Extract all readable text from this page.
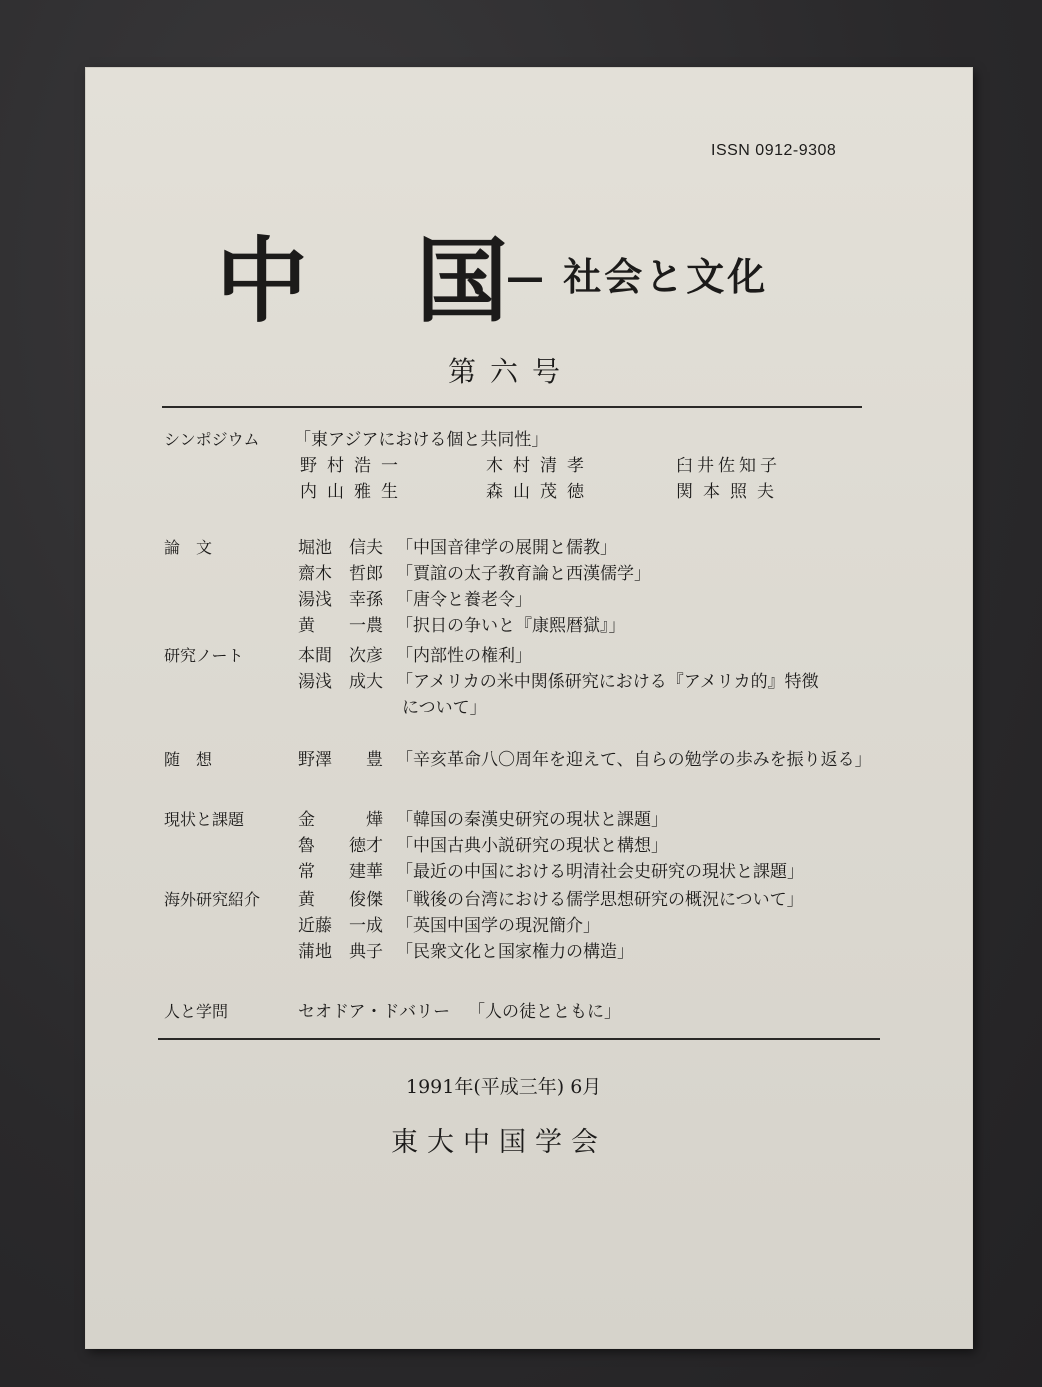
ISSN 0912-9308
中 国
— 社会と文化
第六号
シンポジウム 「東アジアにおける個と共同性」
野村浩一	木村清孝	臼井佐知子
内山雅生	森山茂徳	関本照夫
論　文	堀池　信夫 「中国音律学の展開と儒教」
齋木　哲郎 「賈誼の太子教育論と西漢儒学」
湯浅　幸孫 「唐令と養老令」
黄　　一農 「択日の争いと『康熙暦獄』」
研究ノート	本間　次彦 「内部性の権利」
湯浅　成大 「アメリカの米中関係研究における『アメリカ的』特徴
について」
随　想	野澤　　豊 「辛亥革命八〇周年を迎えて、自らの勉学の歩みを振り返る」
現状と課題	金　　　燁 「韓国の秦漢史研究の現状と課題」
魯　　徳才 「中国古典小説研究の現状と構想」
常　　建華 「最近の中国における明清社会史研究の現状と課題」
海外研究紹介 黄　　俊傑 「戦後の台湾における儒学思想研究の概況について」
近藤　一成 「英国中国学の現況簡介」
蒲地　典子 「民衆文化と国家権力の構造」
人と学問	セオドア・ドバリー 「人の徒とともに」
1991年(平成三年) 6月
東大中国学会
